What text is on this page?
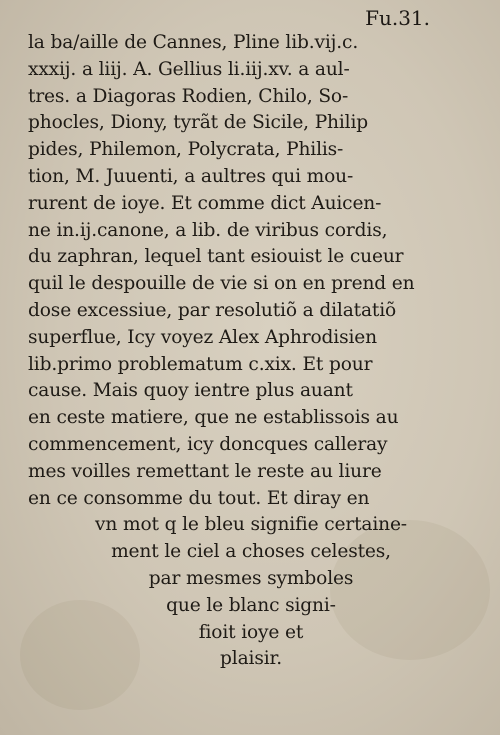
Fu.31.
la ba/aille de Cannes, Pline lib.vij.c.
xxxij. a liij. A. Gellius li.iij.xv. a aul-
tres. a Diagoras Rodien, Chilo, So-
phocles, Diony, tyrãt de Sicile, Philip
pides, Philemon, Polycrata, Philis-
tion, M. Juuenti, a aultres qui mou-
rurent de ioye. Et comme dict Auicen-
ne in.ij.canone, a lib. de viribus cordis,
du zaphran, lequel tant esiouist le cueur
quil le despouille de vie si on en prend en
dose excessiue, par resolutiõ a dilatatiõ
superflue, Icy voyez Alex Aphrodisien
lib.primo problematum c.xix. Et pour
cause. Mais quoy ientre plus auant
en ceste matiere, que ne establissois au
commencement, icy doncques calleray
mes voilles remettant le reste au liure
en ce consomme du tout. Et diray en
vn mot q le bleu signifie certaine-
ment le ciel a choses celestes,
par mesmes symboles
que le blanc signi-
fioit ioye et
plaisir.
